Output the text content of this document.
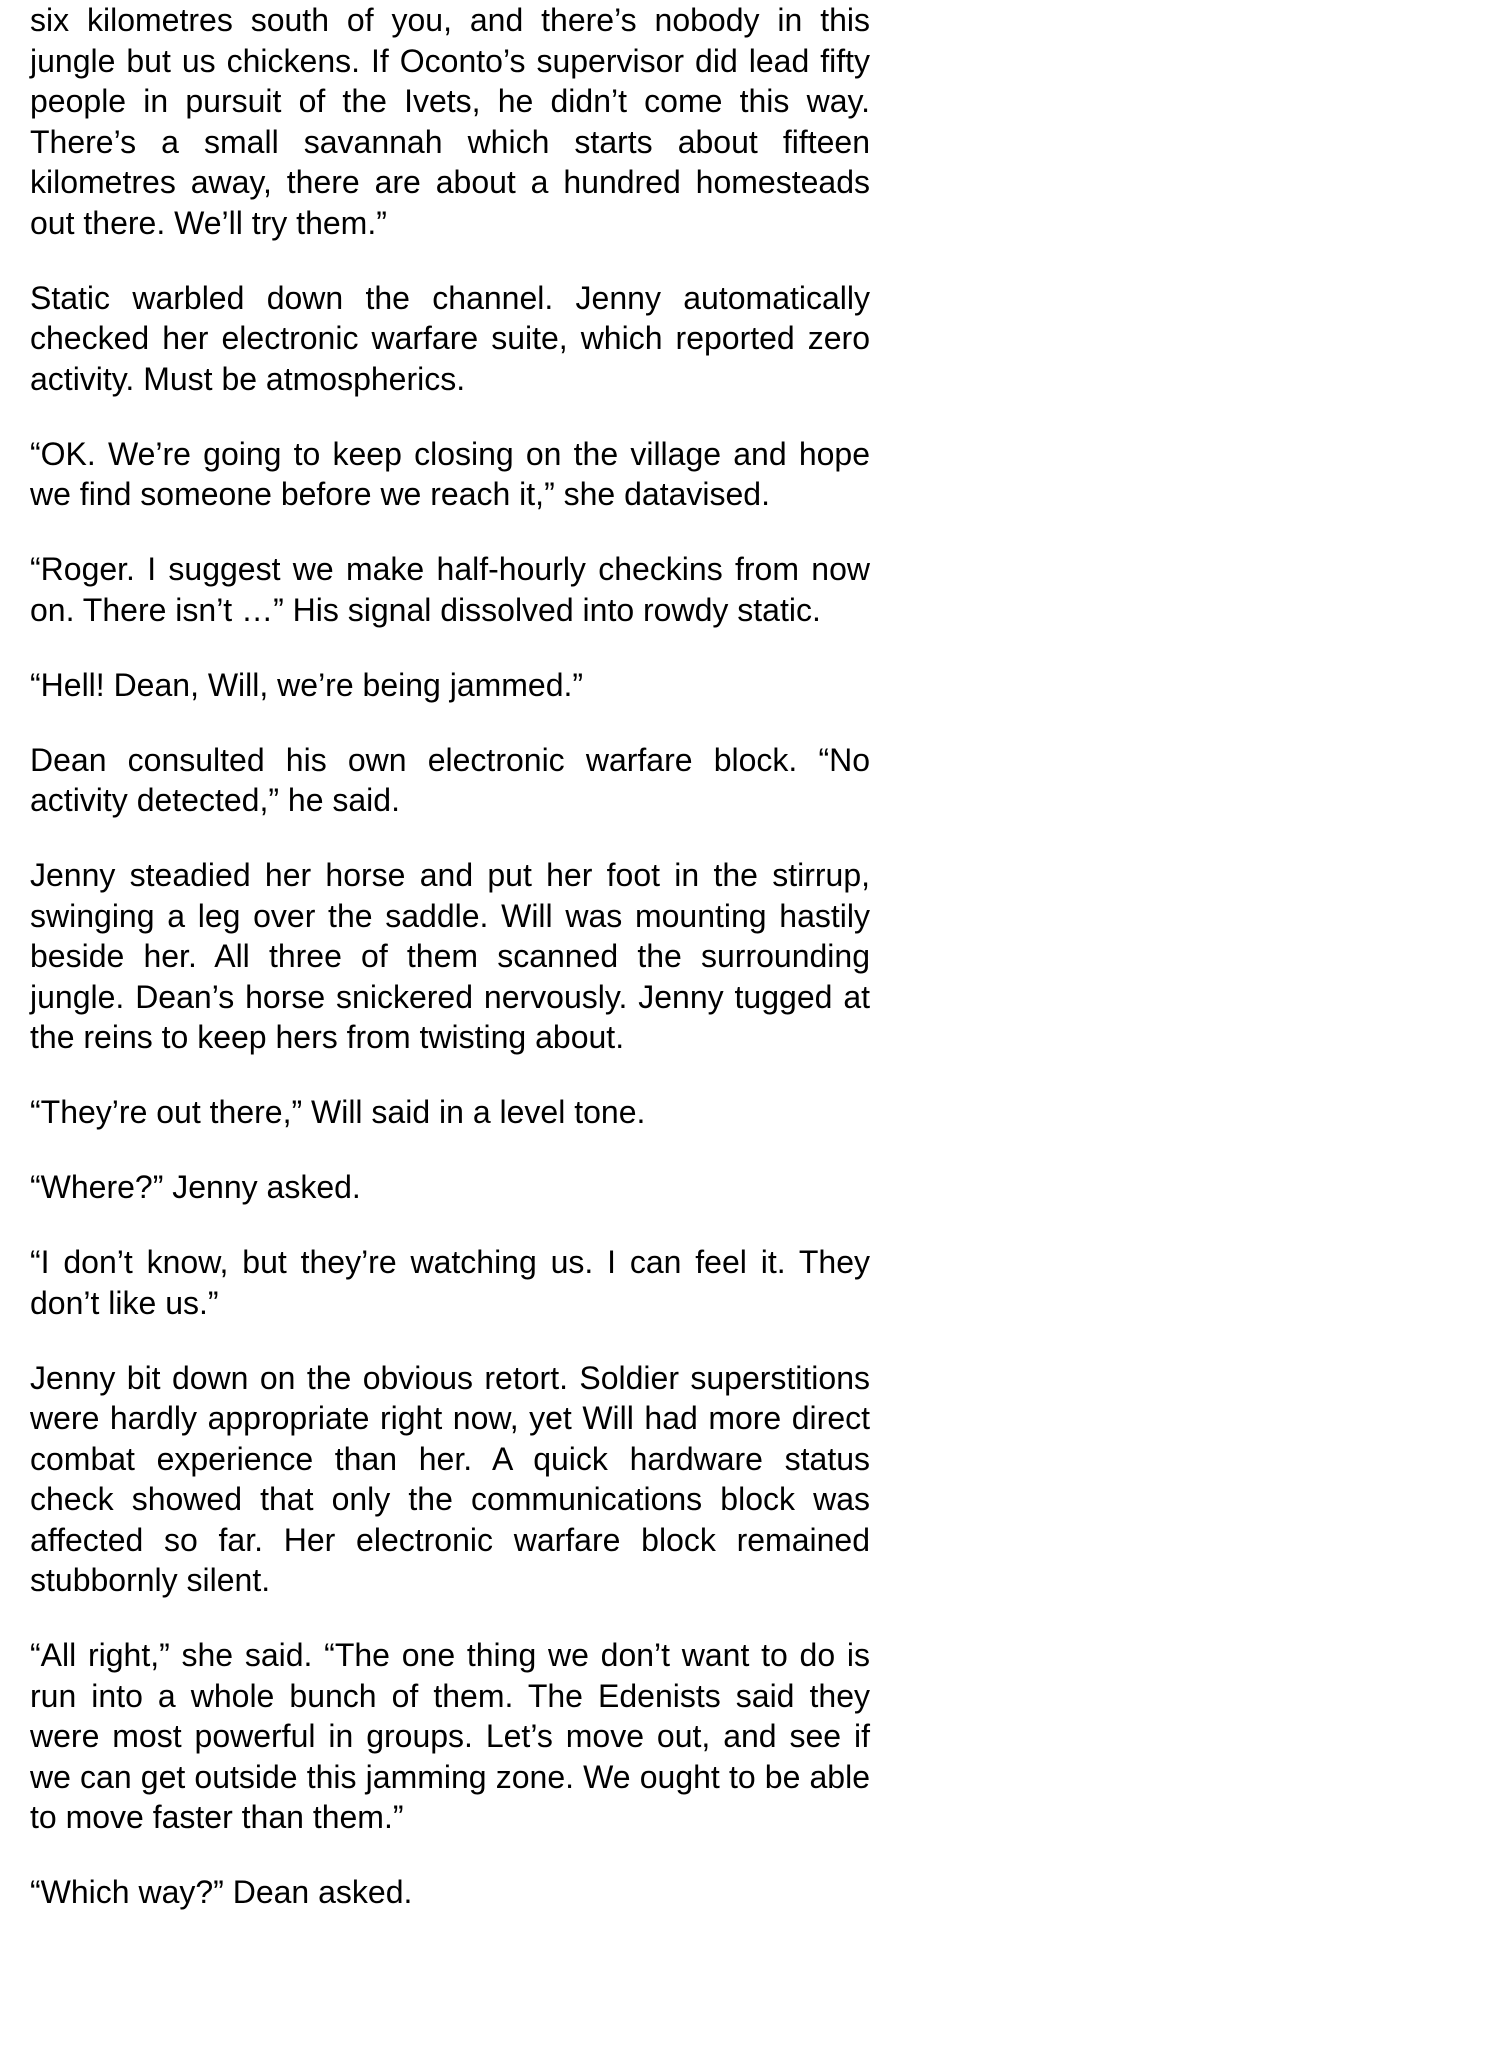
six kilometres south of you, and there’s nobody in this jungle but us chickens. If Oconto’s supervisor did lead fifty people in pursuit of the Ivets, he didn’t come this way. There’s a small savannah which starts about fifteen kilometres away, there are about a hundred homesteads out there. We’ll try them.”

Static warbled down the channel. Jenny automatically checked her electronic warfare suite, which reported zero activity. Must be atmospherics.

“OK. We’re going to keep closing on the village and hope we find someone before we reach it,” she datavised.

“Roger. I suggest we make half-hourly checkins from now on. There isn’t …” His signal dissolved into rowdy static.

“Hell! Dean, Will, we’re being jammed.”

Dean consulted his own electronic warfare block. “No activity detected,” he said.

Jenny steadied her horse and put her foot in the stirrup, swinging a leg over the saddle. Will was mounting hastily beside her. All three of them scanned the surrounding jungle. Dean’s horse snickered nervously. Jenny tugged at the reins to keep hers from twisting about.

“They’re out there,” Will said in a level tone.

“Where?” Jenny asked.

“I don’t know, but they’re watching us. I can feel it. They don’t like us.”

Jenny bit down on the obvious retort. Soldier superstitions were hardly appropriate right now, yet Will had more direct combat experience than her. A quick hardware status check showed that only the communications block was affected so far. Her electronic warfare block remained stubbornly silent.

“All right,” she said. “The one thing we don’t want to do is run into a whole bunch of them. The Edenists said they were most powerful in groups. Let’s move out, and see if we can get outside this jamming zone. We ought to be able to move faster than them.”

“Which way?” Dean asked.
